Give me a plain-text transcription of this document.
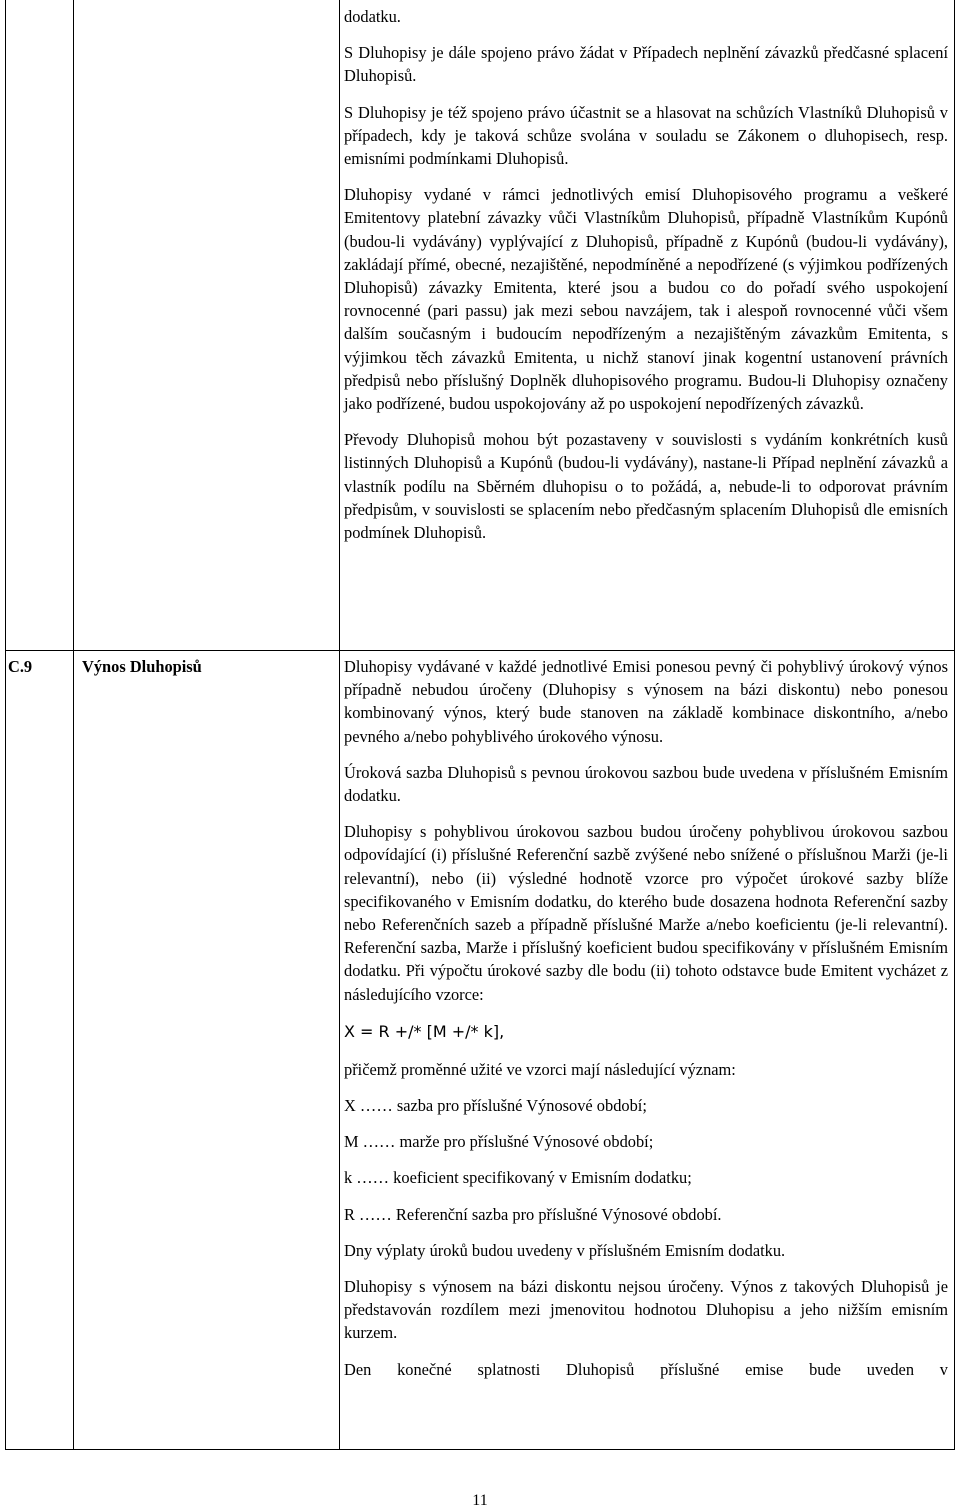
dodatku.

S Dluhopisy je dále spojeno právo žádat v Případech neplnění závazků předčasné splacení Dluhopisů.

S Dluhopisy je též spojeno právo účastnit se a hlasovat na schůzích Vlastníků Dluhopisů v případech, kdy je taková schůze svolána v souladu se Zákonem o dluhopisech, resp. emisními podmínkami Dluhopisů.

Dluhopisy vydané v rámci jednotlivých emisí Dluhopisového programu a veškeré Emitentovy platební závazky vůči Vlastníkům Dluhopisů, případně Vlastníkům Kupónů (budou-li vydávány) vyplývající z Dluhopisů, případně z Kupónů (budou-li vydávány), zakládají přímé, obecné, nezajištěné, nepodmíněné a nepodřízené (s výjimkou podřízených Dluhopisů) závazky Emitenta, které jsou a budou co do pořadí svého uspokojení rovnocenné (pari passu) jak mezi sebou navzájem, tak i alespoň rovnocenné vůči všem dalším současným i budoucím nepodřízeným a nezajištěným závazkům Emitenta, s výjimkou těch závazků Emitenta, u nichž stanoví jinak kogentní ustanovení právních předpisů nebo příslušný Doplněk dluhopisového programu. Budou-li Dluhopisy označeny jako podřízené, budou uspokojovány až po uspokojení nepodřízených závazků.

Převody Dluhopisů mohou být pozastaveny v souvislosti s vydáním konkrétních kusů listinných Dluhopisů a Kupónů (budou-li vydávány), nastane-li Případ neplnění závazků a vlastník podílu na Sběrném dluhopisu o to požádá, a, nebude-li to odporovat právním předpisům, v souvislosti se splacením nebo předčasným splacením Dluhopisů dle emisních podmínek Dluhopisů.

C.9	Výnos Dluhopisů	Dluhopisy vydávané v každé jednotlivé Emisi ponesou pevný či pohyblivý úrokový výnos případně nebudou úročeny (Dluhopisy s výnosem na bázi diskontu) nebo ponesou kombinovaný výnos, který bude stanoven na základě kombinace diskontního, a/nebo pevného a/nebo pohyblivého úrokového výnosu.

Úroková sazba Dluhopisů s pevnou úrokovou sazbou bude uvedena v příslušném Emisním dodatku.

Dluhopisy s pohyblivou úrokovou sazbou budou úročeny pohyblivou úrokovou sazbou odpovídající (i) příslušné Referenční sazbě zvýšené nebo snížené o příslušnou Marži (je-li relevantní), nebo (ii) výsledné hodnotě vzorce pro výpočet úrokové sazby blíže specifikovaného v Emisním dodatku, do kterého bude dosazena hodnota Referenční sazby nebo Referenčních sazeb a případně příslušné Marže a/nebo koeficientu (je-li relevantní). Referenční sazba, Marže i příslušný koeficient budou specifikovány v příslušném Emisním dodatku. Při výpočtu úrokové sazby dle bodu (ii) tohoto odstavce bude Emitent vycházet z následujícího vzorce:

X = R +/* [M +/* k],

přičemž proměnné užité ve vzorci mají následující význam:

X …… sazba pro příslušné Výnosové období;

M …… marže pro příslušné Výnosové období;

k …… koeficient specifikovaný v Emisním dodatku;

R …… Referenční sazba pro příslušné Výnosové období.

Dny výplaty úroků budou uvedeny v příslušném Emisním dodatku.

Dluhopisy s výnosem na bázi diskontu nejsou úročeny. Výnos z takových Dluhopisů je představován rozdílem mezi jmenovitou hodnotou Dluhopisu a jeho nižším emisním kurzem.

Den konečné splatnosti Dluhopisů příslušné emise bude uveden v

11
